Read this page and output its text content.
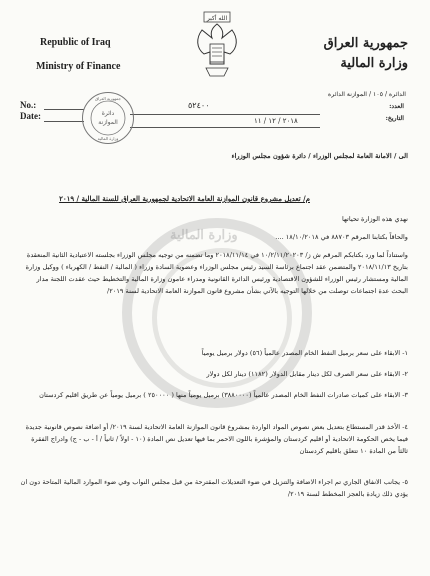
Republic of Iraq
Ministry of Finance
الله أكبر
جمهورية العراق
وزارة المالية
الدائرة / ١٠٥ / الموازنة الدائرة
No.:
Date:
العدد:
التاريخ:
٥٢٤٠٠
٢٠١٨ / ١٢ / ١١
دائرة
الموازنة
جمهورية العراق
وزارة المالية
الى / الامانة العامة لمجلس الوزراء / دائرة شؤون مجلس الوزراء
م/ تعديل مشروع قانون الموازنة العامة الاتحادية لجمهورية العراق للسنة المالية / ٢٠١٩
وزارة المالية
نهدي هذه الوزارة تحياتها
والحاقاً بكتابنا المرقم ٨٨٧٠٣ في ١٨/١٠/٢٠١٨ ....
واستناداً لما ورد بكتابكم المرقم ش ز/ ١٠/٢/١١/٢٠٢٠٣ في ٢٠١٨/١١/١٤ وما تضمنه من توجيه مجلس الوزراء بجلسته الاعتيادية الثانية المنعقدة بتاريخ ٢٠١٨/١١/١٣ والمتضمن عقد اجتماع برئاسة السيد رئيس مجلس الوزراء وعضوية السادة وزراء ( المالية / النفط / الكهرباء ) ووكيل وزارة المالية ومستشار رئيس الوزراء للشؤون الاقتصادية ورئيس الدائرة القانونية ومدراء عامون وزارة المالية والتخطيط حيث عقدت اللجنة مدار البحث عدة اجتماعات توصلت من خلالها التوجيه بالآتي بشأن مشروع قانون الموازنة العامة الاتحادية لسنة ٢٠١٩/
١- الابقاء على سعر برميل النفط الخام المصدر عالمياً (٥٦) دولار برميل يومياً
٢- الابقاء على سعر الصرف لكل دينار مقابل الدولار (١١٨٢) دينار لكل دولار
٣- الابقاء على كميات صادرات النفط الخام المصدر عالمياً (٣٨٨٠٠٠٠) برميل يومياً منها ( ٢٥٠٠٠٠ ) برميل يومياً عن طريق اقليم كردستان
٤- الأخذ قدر المستطاع بتعديل بعض نصوص المواد الواردة بمشروع قانون الموازنة العامة الاتحادية لسنة ٢٠١٩/ أو اضافة نصوص قانونية جديدة فيما يخص الحكومة الاتحادية أو اقليم كردستان والمؤشرة باللون الاحمر بما فيها تعديل نص المادة (١٠ - اولاً / ثانياً / أ - ب - ج) وادراج الفقرة ثالثاً من المادة ١٠ تتعلق باقليم كردستان
٥- يجانب الانفاق الجاري تم اجراء الاضافة والتنزيل في ضوء التعديلات المقترحة من قبل مجلس النواب وفي ضوء الموارد المالية المتاحة دون ان يؤدي ذلك زيادة بالعجز المخطط لسنة ٢٠١٩/
